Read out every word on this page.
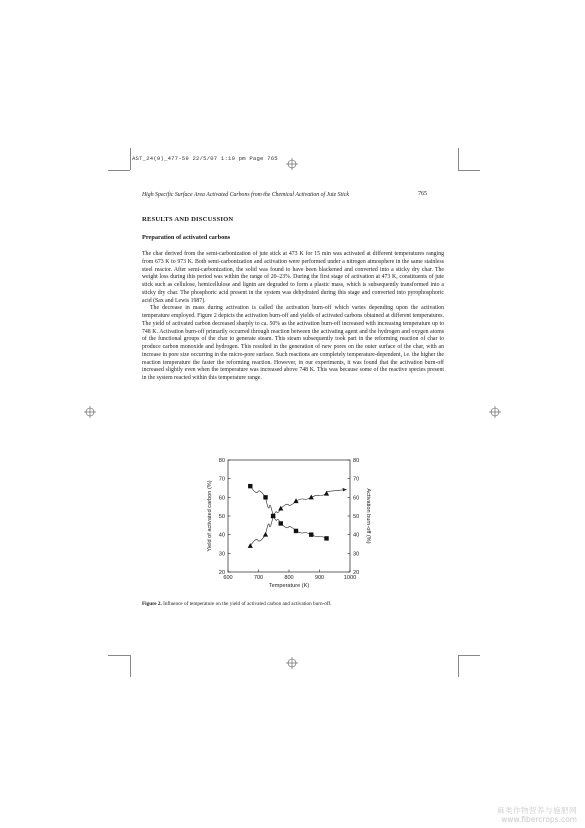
AST_24(9)_477-59 22/5/07 1:19 pm Page 765
High Specific Surface Area Activated Carbons from the Chemical Activation of Jute Stick	765
RESULTS AND DISCUSSION
Preparation of activated carbons

The char derived from the semi-carbonization of jute stick at 473 K for 15 min was activated at different temperatures ranging from 673 K to 973 K. Both semi-carbonization and activation were performed under a nitrogen atmosphere in the same stainless steel reactor. After semi-carbonization, the solid was found to have been blackened and converted into a sticky dry char. The weight loss during this period was within the range of 20–23%. During the first stage of activation at 473 K, constituents of jute stick such as cellulose, hemicellulose and lignin are degraded to form a plastic mass, which is subsequently transformed into a sticky dry char. The phosphoric acid present in the system was dehydrated during this stage and converted into pyrophosphoric acid (Sax and Lewis 1987).

The decrease in mass during activation is called the activation burn-off which varies depending upon the activation temperature employed. Figure 2 depicts the activation burn-off and yields of activated carbons obtained at different temperatures. The yield of activated carbon decreased sharply to ca. 50% as the activation burn-off increased with increasing temperature up to 748 K. Activation burn-off primarily occurred through reaction between the activating agent and the hydrogen and oxygen atoms of the functional groups of the char to generate steam. This steam subsequently took part in the reforming reaction of char to produce carbon monoxide and hydrogen. This resulted in the generation of new pores on the outer surface of the char, with an increase in pore size occurring in the micro-pore surface. Such reactions are completely temperature-dependent, i.e. the higher the reaction temperature the faster the reforming reaction. However, in our experiments, it was found that the activation burn-off increased slightly even when the temperature was increased above 748 K. This was because some of the reactive species present in the system reacted within this temperature range.

600	700	800	900	1000
20	20
30	30
40	40
50	50
60	60
70	70
80	80
Temperature (K)
Yield of activated carbon (%)	Activation burn-off (%)
Figure 2. Influence of temperature on the yield of activated carbon and activation burn-off.
麻类作物营养与施肥网
www.fibercrops.com
